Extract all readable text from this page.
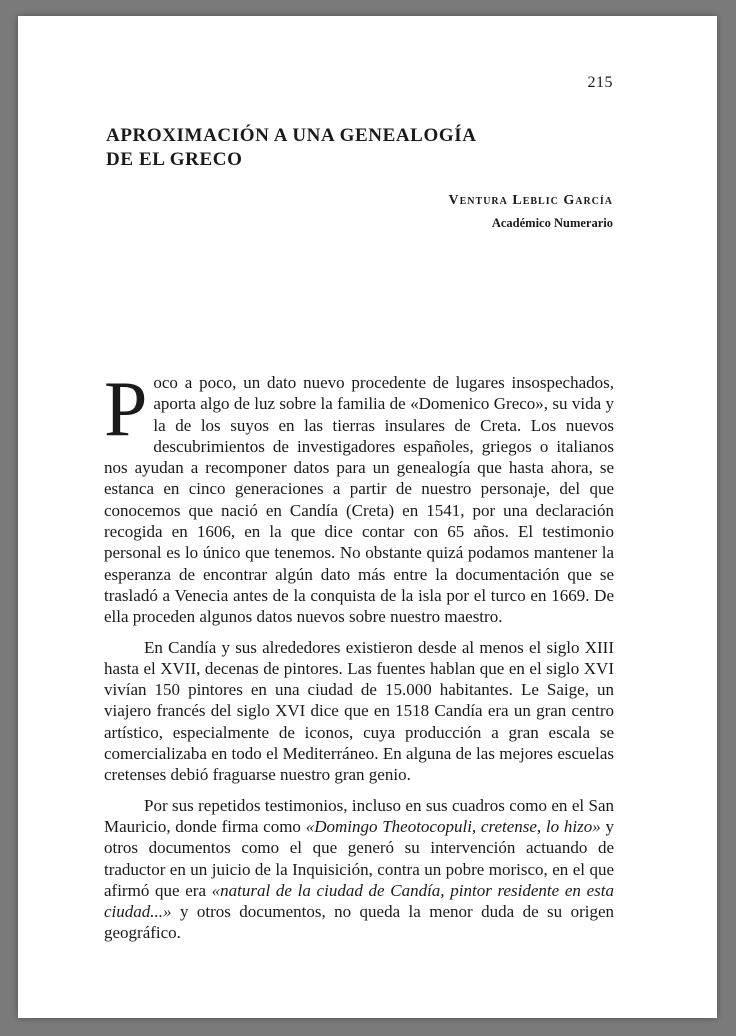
215
APROXIMACIÓN A UNA GENEALOGÍA
DE EL GRECO
Ventura Leblic García
Académico Numerario

Poco a poco, un dato nuevo procedente de lugares insospechados, aporta algo de luz sobre la familia de «Domenico Greco», su vida y la de los suyos en las tierras insulares de Creta. Los nuevos descubrimientos de investigadores españoles, griegos o italianos nos ayudan a recomponer datos para un genealogía que hasta ahora, se estanca en cinco generaciones a partir de nuestro personaje, del que conocemos que nació en Candía (Creta) en 1541, por una declaración recogida en 1606, en la que dice contar con 65 años. El testimonio personal es lo único que tenemos. No obstante quizá podamos mantener la esperanza de encontrar algún dato más entre la documentación que se trasladó a Venecia antes de la conquista de la isla por el turco en 1669. De ella proceden algunos datos nuevos sobre nuestro maestro.

En Candía y sus alrededores existieron desde al menos el siglo XIII hasta el XVII, decenas de pintores. Las fuentes hablan que en el siglo XVI vivían 150 pintores en una ciudad de 15.000 habitantes. Le Saige, un viajero francés del siglo XVI dice que en 1518 Candía era un gran centro artístico, especialmente de iconos, cuya producción a gran escala se comercializaba en todo el Mediterráneo. En alguna de las mejores escuelas cretenses debió fraguarse nuestro gran genio.

Por sus repetidos testimonios, incluso en sus cuadros como en el San Mauricio, donde firma como «Domingo Theotocopuli, cretense, lo hizo» y otros documentos como el que generó su intervención actuando de traductor en un juicio de la Inquisición, contra un pobre morisco, en el que afirmó que era «natural de la ciudad de Candía, pintor residente en esta ciudad...» y otros documentos, no queda la menor duda de su origen geográfico.
